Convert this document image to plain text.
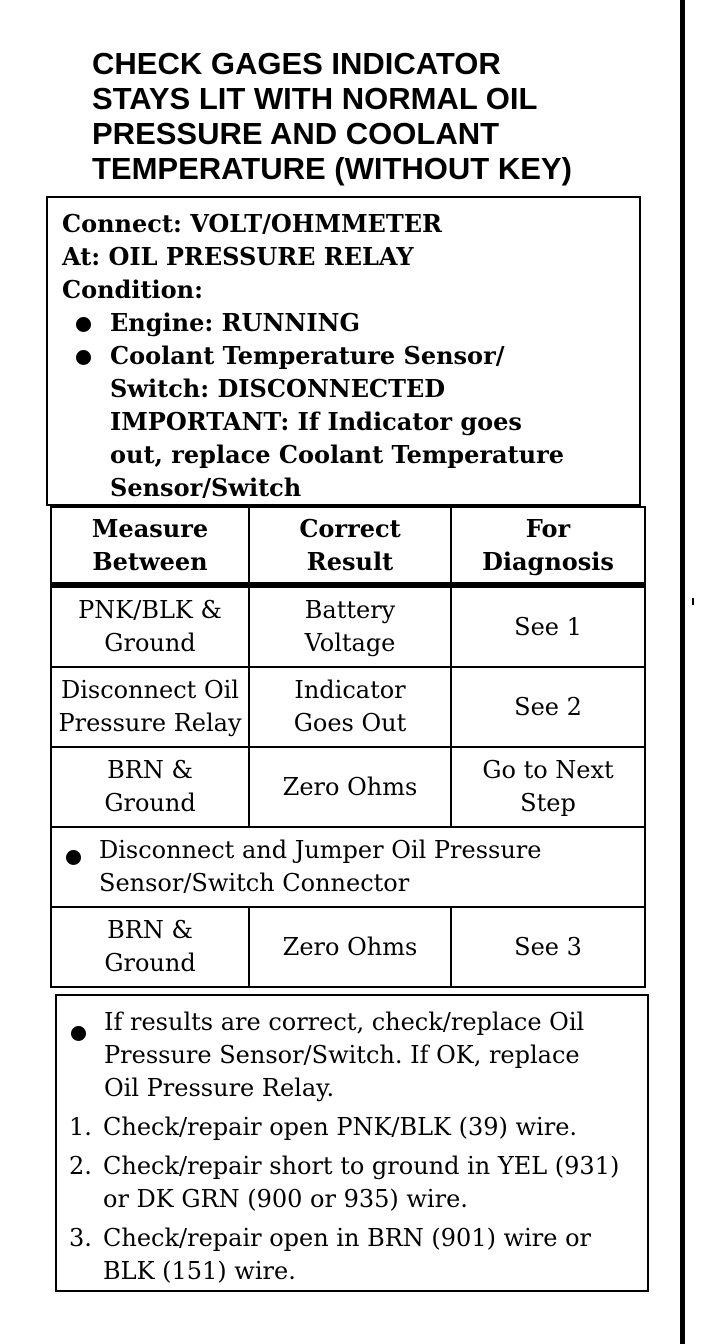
CHECK GAGES INDICATOR
STAYS LIT WITH NORMAL OIL
PRESSURE AND COOLANT
TEMPERATURE (WITHOUT KEY)
Connect: VOLT/OHMMETER
At: OIL PRESSURE RELAY
Condition:
Engine: RUNNING
Coolant Temperature Sensor/
Switch: DISCONNECTED
IMPORTANT: If Indicator goes
out, replace Coolant Temperature
Sensor/Switch
Measure
Between
Correct
Result
For
Diagnosis
PNK/BLK &
Ground
Battery
Voltage
See 1
Disconnect Oil
Pressure Relay
Indicator
Goes Out
See 2
BRN &
Ground
Zero Ohms
Go to Next
Step
Disconnect and Jumper Oil Pressure
Sensor/Switch Connector
BRN &
Ground
Zero Ohms	See 3
If results are correct, check/replace Oil
Pressure Sensor/Switch. If OK, replace
Oil Pressure Relay.
1. Check/repair open PNK/BLK (39) wire.
2. Check/repair short to ground in YEL (931)
or DK GRN (900 or 935) wire.
3. Check/repair open in BRN (901) wire or
BLK (151) wire.
